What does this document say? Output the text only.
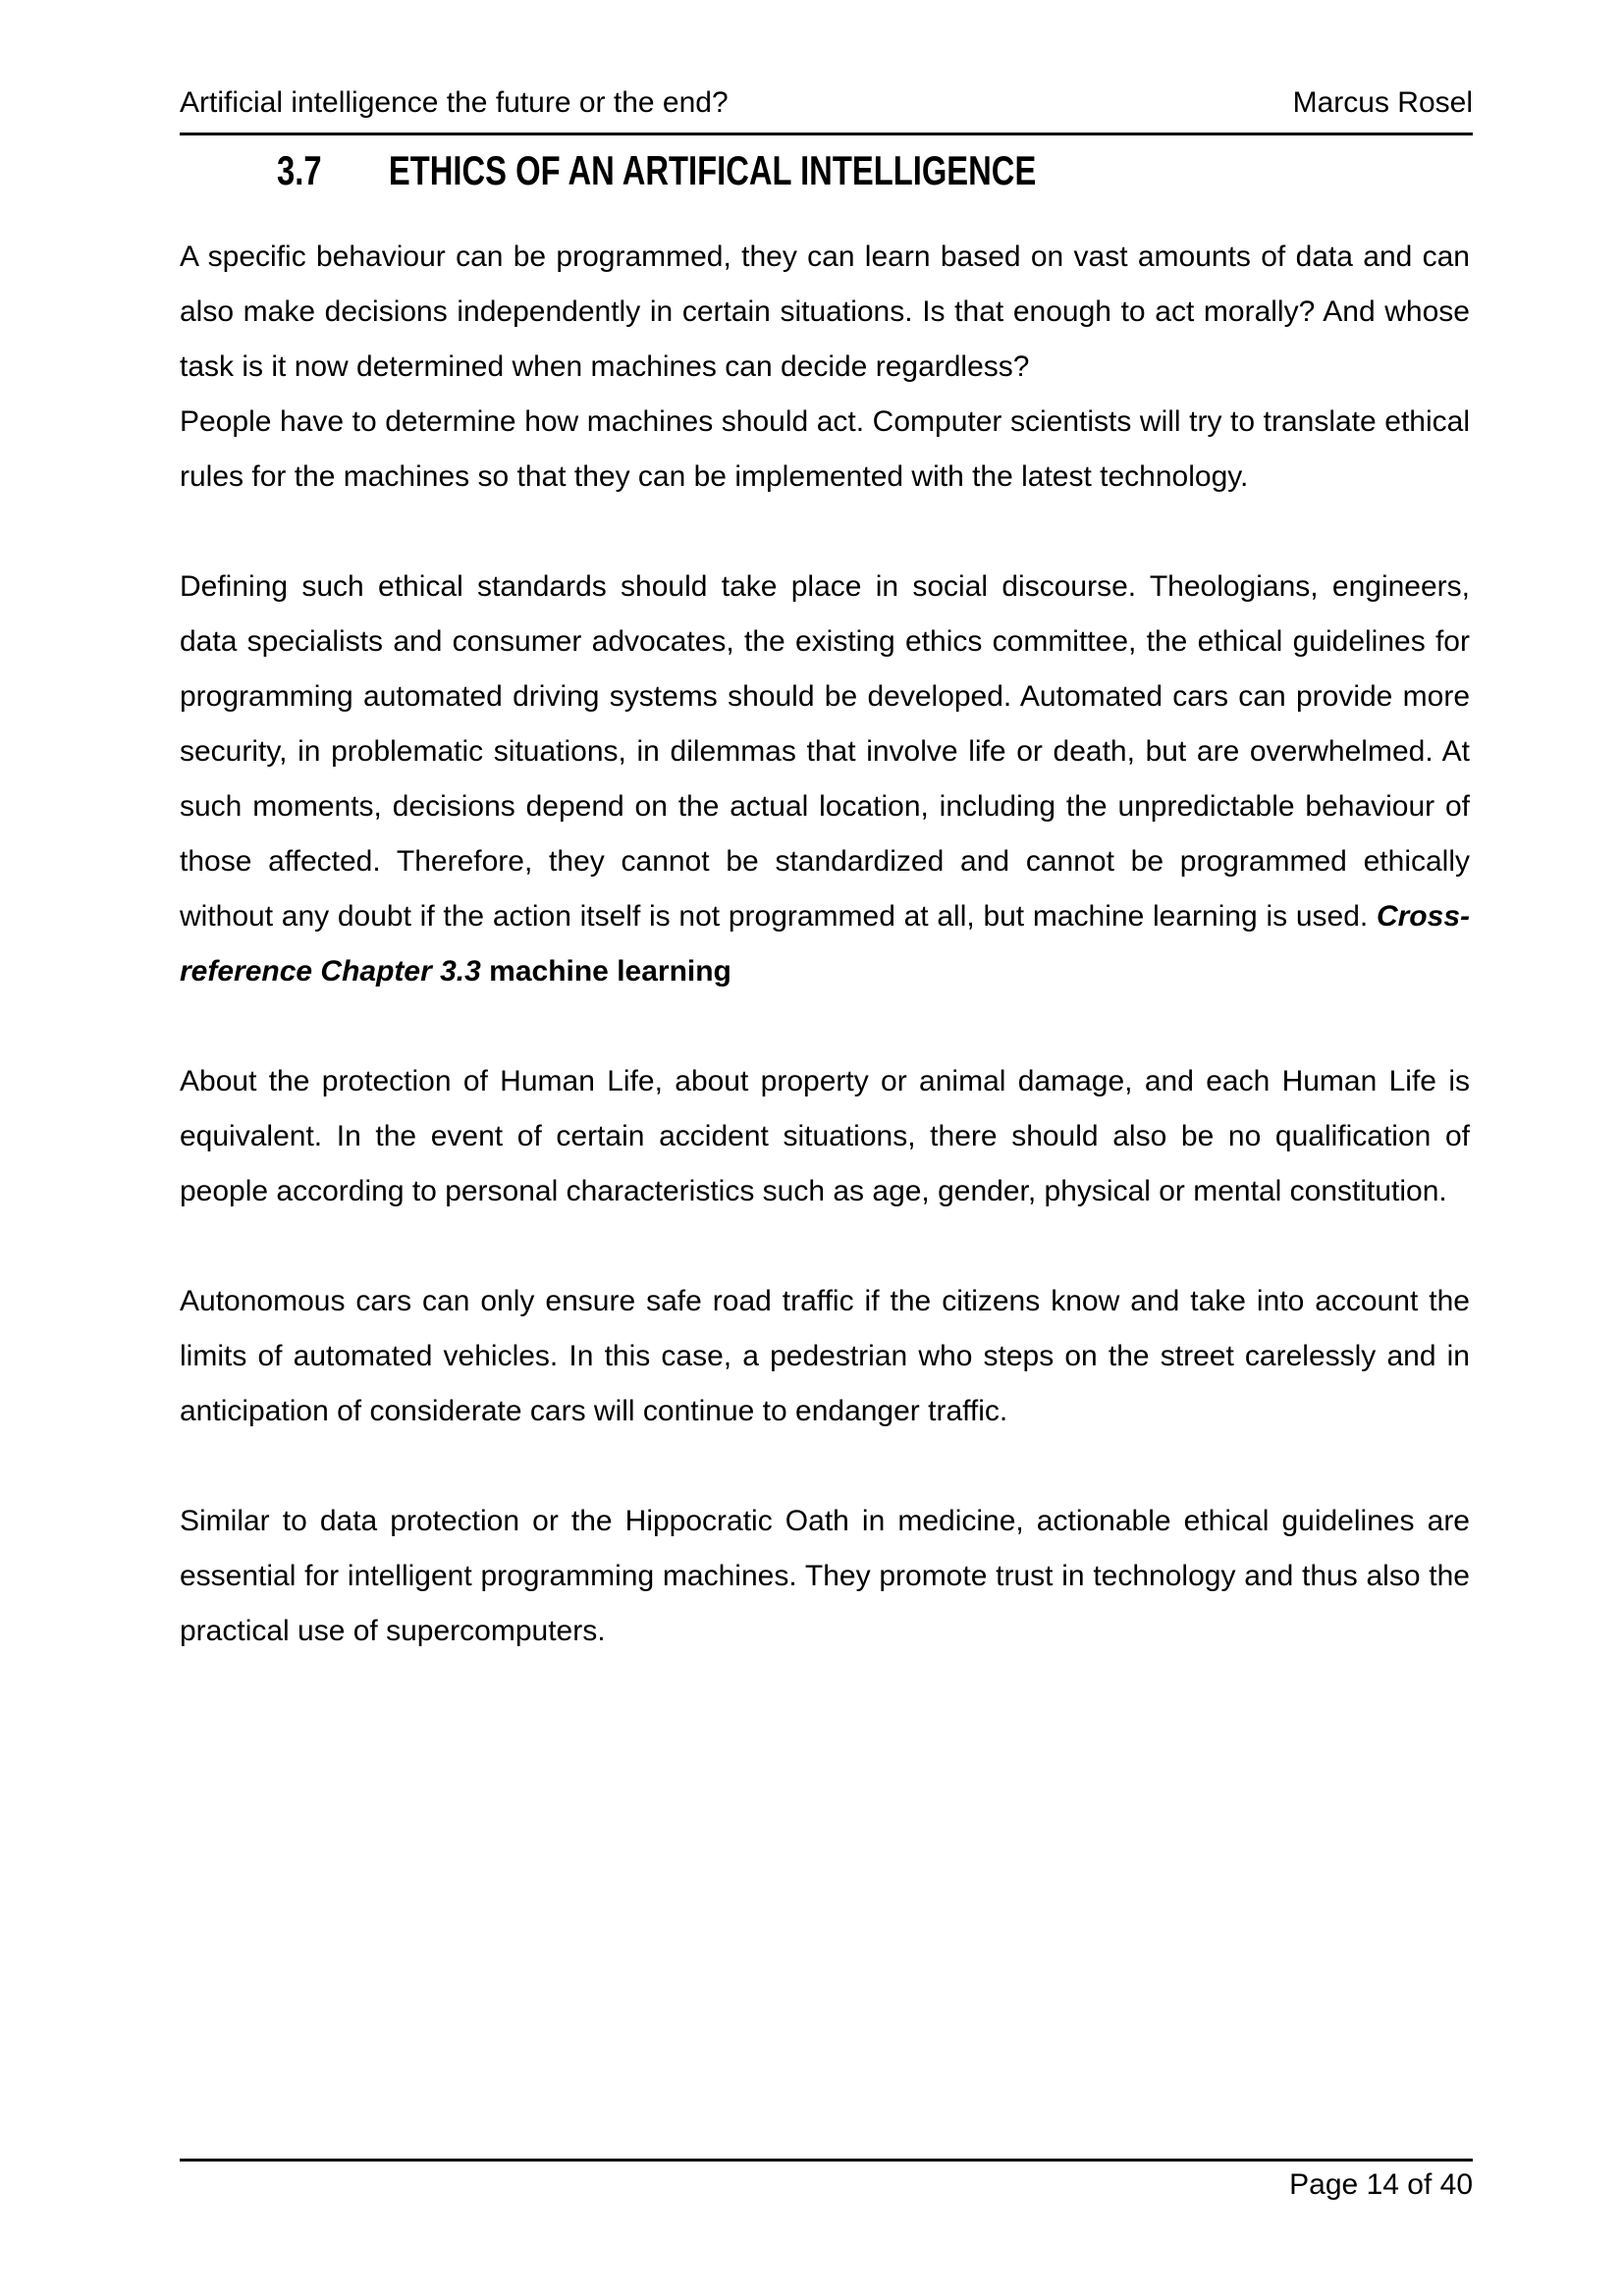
Artificial intelligence the future or the end?	Marcus Rosel
3.7 ETHICS OF AN ARTIFICAL INTELLIGENCE

A specific behaviour can be programmed, they can learn based on vast amounts of data and can also make decisions independently in certain situations. Is that enough to act morally? And whose task is it now determined when machines can decide regardless?

People have to determine how machines should act. Computer scientists will try to translate ethical rules for the machines so that they can be implemented with the latest technology.

Defining such ethical standards should take place in social discourse. Theologians, engineers, data specialists and consumer advocates, the existing ethics committee, the ethical guidelines for programming automated driving systems should be developed. Automated cars can provide more security, in problematic situations, in dilemmas that involve life or death, but are overwhelmed. At such moments, decisions depend on the actual location, including the unpredictable behaviour of those affected. Therefore, they cannot be standardized and cannot be programmed ethically without any doubt if the action itself is not programmed at all, but machine learning is used. Cross-reference Chapter 3.3 machine learning

About the protection of Human Life, about property or animal damage, and each Human Life is equivalent. In the event of certain accident situations, there should also be no qualification of people according to personal characteristics such as age, gender, physical or mental constitution.

Autonomous cars can only ensure safe road traffic if the citizens know and take into account the limits of automated vehicles. In this case, a pedestrian who steps on the street carelessly and in anticipation of considerate cars will continue to endanger traffic.

Similar to data protection or the Hippocratic Oath in medicine, actionable ethical guidelines are essential for intelligent programming machines. They promote trust in technology and thus also the practical use of supercomputers.

Page 14 of 40
